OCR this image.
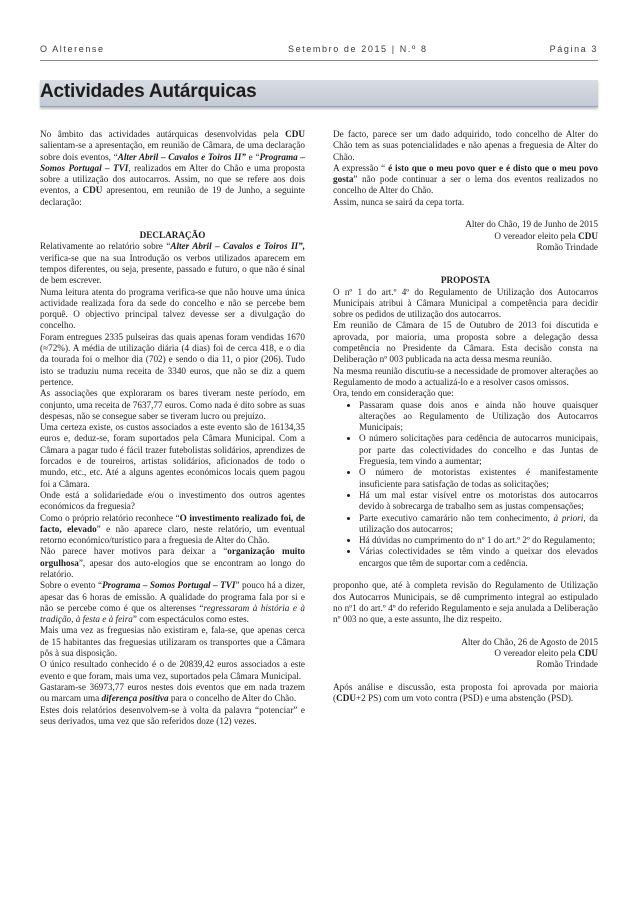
O Alterense	Setembro de 2015 | N.º 8	Página 3
Actividades Autárquicas

No âmbito das actividades autárquicas desenvolvidas pela CDU salientam-se a apresentação, em reunião de Câmara, de uma declaração sobre dois eventos, “Alter Abril – Cavalos e Toiros II” e “Programa – Somos Portugal – TVI, realizados em Alter do Chão e uma proposta sobre a utilização dos autocarros. Assim, no que se refere aos dois eventos, a CDU apresentou, em reunião de 19 de Junho, a seguinte declaração:

DECLARAÇÃO

Relativamente ao relatório sobre “Alter Abril – Cavalos e Toiros II”, verifica-se que na sua Introdução os verbos utilizados aparecem em tempos diferentes, ou seja, presente, passado e futuro, o que não é sinal de bem escrever.

Numa leitura atenta do programa verifica-se que não houve uma única actividade realizada fora da sede do concelho e não se percebe bem porquê. O objectivo principal talvez devesse ser a divulgação do concelho.

Foram entregues 2335 pulseiras das quais apenas foram vendidas 1670 (≈72%). A média de utilização diária (4 dias) foi de cerca 418, e o dia da tourada foi o melhor dia (702) e sendo o dia 11, o pior (206). Tudo isto se traduziu numa receita de 3340 euros, que não se diz a quem pertence.

As associações que exploraram os bares tiveram neste período, em conjunto, uma receita de 7637,77 euros. Como nada é dito sobre as suas despesas, não se consegue saber se tiveram lucro ou prejuízo.

Uma certeza existe, os custos associados a este evento são de 16134,35 euros e, deduz-se, foram suportados pela Câmara Municipal. Com a Câmara a pagar tudo é fácil trazer futebolistas solidários, aprendizes de forcados e de toureiros, artistas solidários, aficionados de todo o mundo, etc., etc. Até a alguns agentes económicos locais quem pagou foi a Câmara.

Onde está a solidariedade e/ou o investimento dos outros agentes económicos da freguesia?

Como o próprio relatório reconhece “O investimento realizado foi, de facto, elevado” e não aparece claro, neste relatório, um eventual retorno económico/turístico para a freguesia de Alter do Chão.

Não parece haver motivos para deixar a “organização muito orgulhosa”, apesar dos auto-elogios que se encontram ao longo do relatório.

Sobre o evento “Programa – Somos Portugal – TVI” pouco há a dizer, apesar das 6 horas de emissão. A qualidade do programa fala por si e não se percebe como é que os alterenses “regressaram à história e à tradição, à festa e à feira” com espectáculos como estes.

Mais uma vez as freguesias não existiram e, fala-se, que apenas cerca de 15 habitantes das freguesias utilizaram os transportes que a Câmara pôs à sua disposição.

O único resultado conhecido é o de 20839,42 euros associados a este evento e que foram, mais uma vez, suportados pela Câmara Municipal.

Gastaram-se 36973,77 euros nestes dois eventos que em nada trazem ou marcam uma diferença positiva para o concelho de Alter do Chão.

Estes dois relatórios desenvolvem-se à volta da palavra “potenciar” e seus derivados, uma vez que são referidos doze (12) vezes.

De facto, parece ser um dado adquirido, todo concelho de Alter do Chão tem as suas potencialidades e não apenas a freguesia de Alter do Chão.

A expressão “ é isto que o meu povo quer e é disto que o meu povo gosta” não pode continuar a ser o lema dos eventos realizados no concelho de Alter do Chão.

Assim, nunca se sairá da cepa torta.

Alter do Chão, 19 de Junho de 2015

O vereador eleito pela CDU

Romão Trindade

PROPOSTA

O nº 1 do art.º 4º do Regulamento de Utilização dos Autocarros Municipais atribui à Câmara Municipal a competência para decidir sobre os pedidos de utilização dos autocarros.

Em reunião de Câmara de 15 de Outubro de 2013 foi discutida e aprovada, por maioria, uma proposta sobre a delegação dessa competência no Presidente da Câmara. Esta decisão consta na Deliberação nº 003 publicada na acta dessa mesma reunião.

Na mesma reunião discutiu-se a necessidade de promover alterações ao Regulamento de modo a actualizá-lo e a resolver casos omissos.

Ora, tendo em consideração que:

• Passaram quase dois anos e ainda não houve quaisquer alterações ao Regulamento de Utilização dos Autocarros Municipais;
• O número solicitações para cedência de autocarros municipais, por parte das colectividades do concelho e das Juntas de Freguesia, tem vindo a aumentar;
• O número de motoristas existentes é manifestamente insuficiente para satisfação de todas as solicitações;
• Há um mal estar visível entre os motoristas dos autocarros devido à sobrecarga de trabalho sem as justas compensações;
• Parte executivo camarário não tem conhecimento, à priori, da utilização dos autocarros;
• Há dúvidas no cumprimento do nº 1 do art.º 2º do Regulamento;
• Várias colectividades se têm vindo a queixar dos elevados encargos que têm de suportar com a cedência.

proponho que, até à completa revisão do Regulamento de Utilização dos Autocarros Municipais, se dê cumprimento integral ao estipulado no nº1 do art.º 4º do referido Regulamento e seja anulada a Deliberação nº 003 no que, a este assunto, lhe diz respeito.

Alter do Chão, 26 de Agosto de 2015

O vereador eleito pela CDU

Romão Trindade

Após análise e discussão, esta proposta foi aprovada por maioria (CDU+2 PS) com um voto contra (PSD) e uma abstenção (PSD).
